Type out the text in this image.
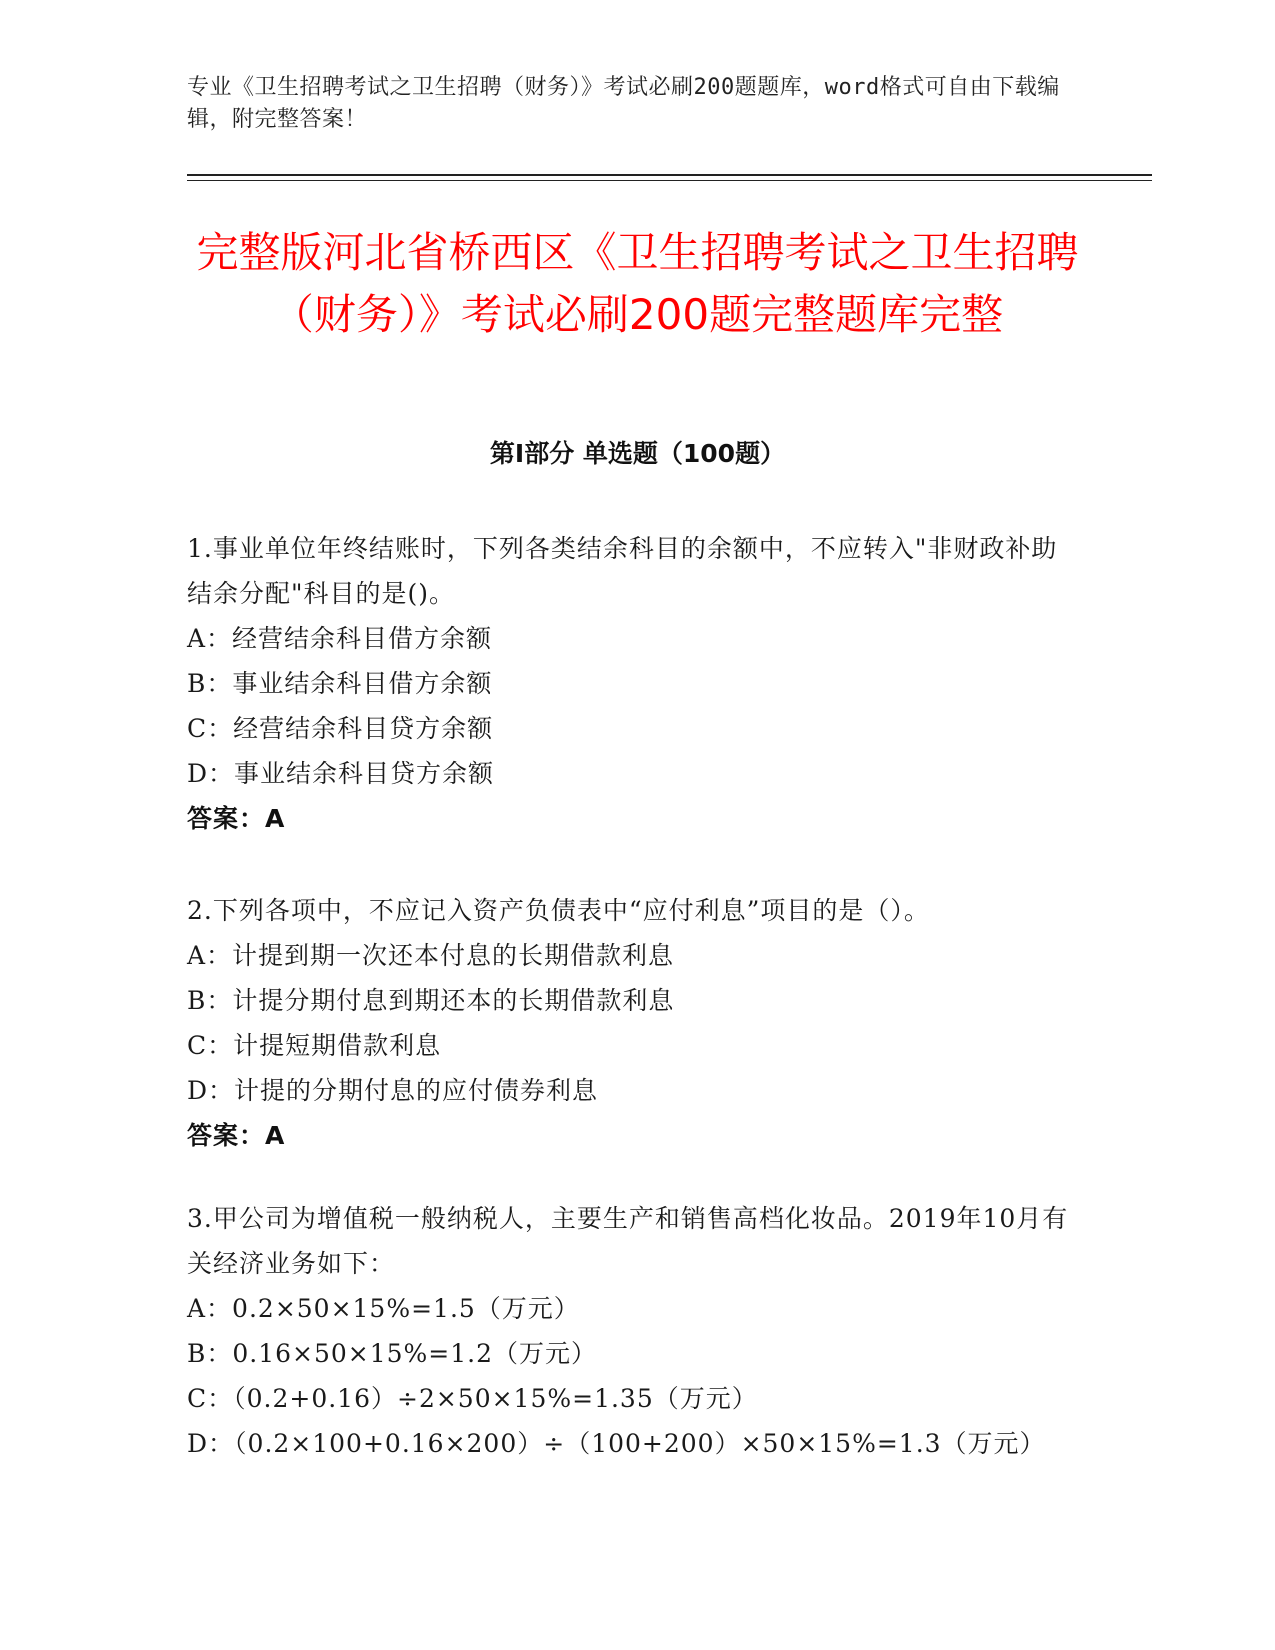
专业《卫生招聘考试之卫生招聘（财务）》考试必刷200题题库，word格式可自由下载编辑，附完整答案！
完整版河北省桥西区《卫生招聘考试之卫生招聘（财务）》考试必刷200题完整题库完整
第I部分 单选题（100题）

1.事业单位年终结账时，下列各类结余科目的余额中，不应转入"非财政补助结余分配"科目的是()。

A：经营结余科目借方余额

B：事业结余科目借方余额

C：经营结余科目贷方余额

D：事业结余科目贷方余额

答案：A

2.下列各项中，不应记入资产负债表中“应付利息”项目的是（）。

A：计提到期一次还本付息的长期借款利息

B：计提分期付息到期还本的长期借款利息

C：计提短期借款利息

D：计提的分期付息的应付债券利息

答案：A

3.甲公司为增值税一般纳税人，主要生产和销售高档化妆品。2019年10月有关经济业务如下：

A：0.2×50×15%=1.5（万元）

B：0.16×50×15%=1.2（万元）

C：（0.2+0.16）÷2×50×15%=1.35（万元）

D：（0.2×100+0.16×200）÷（100+200）×50×15%=1.3（万元）
